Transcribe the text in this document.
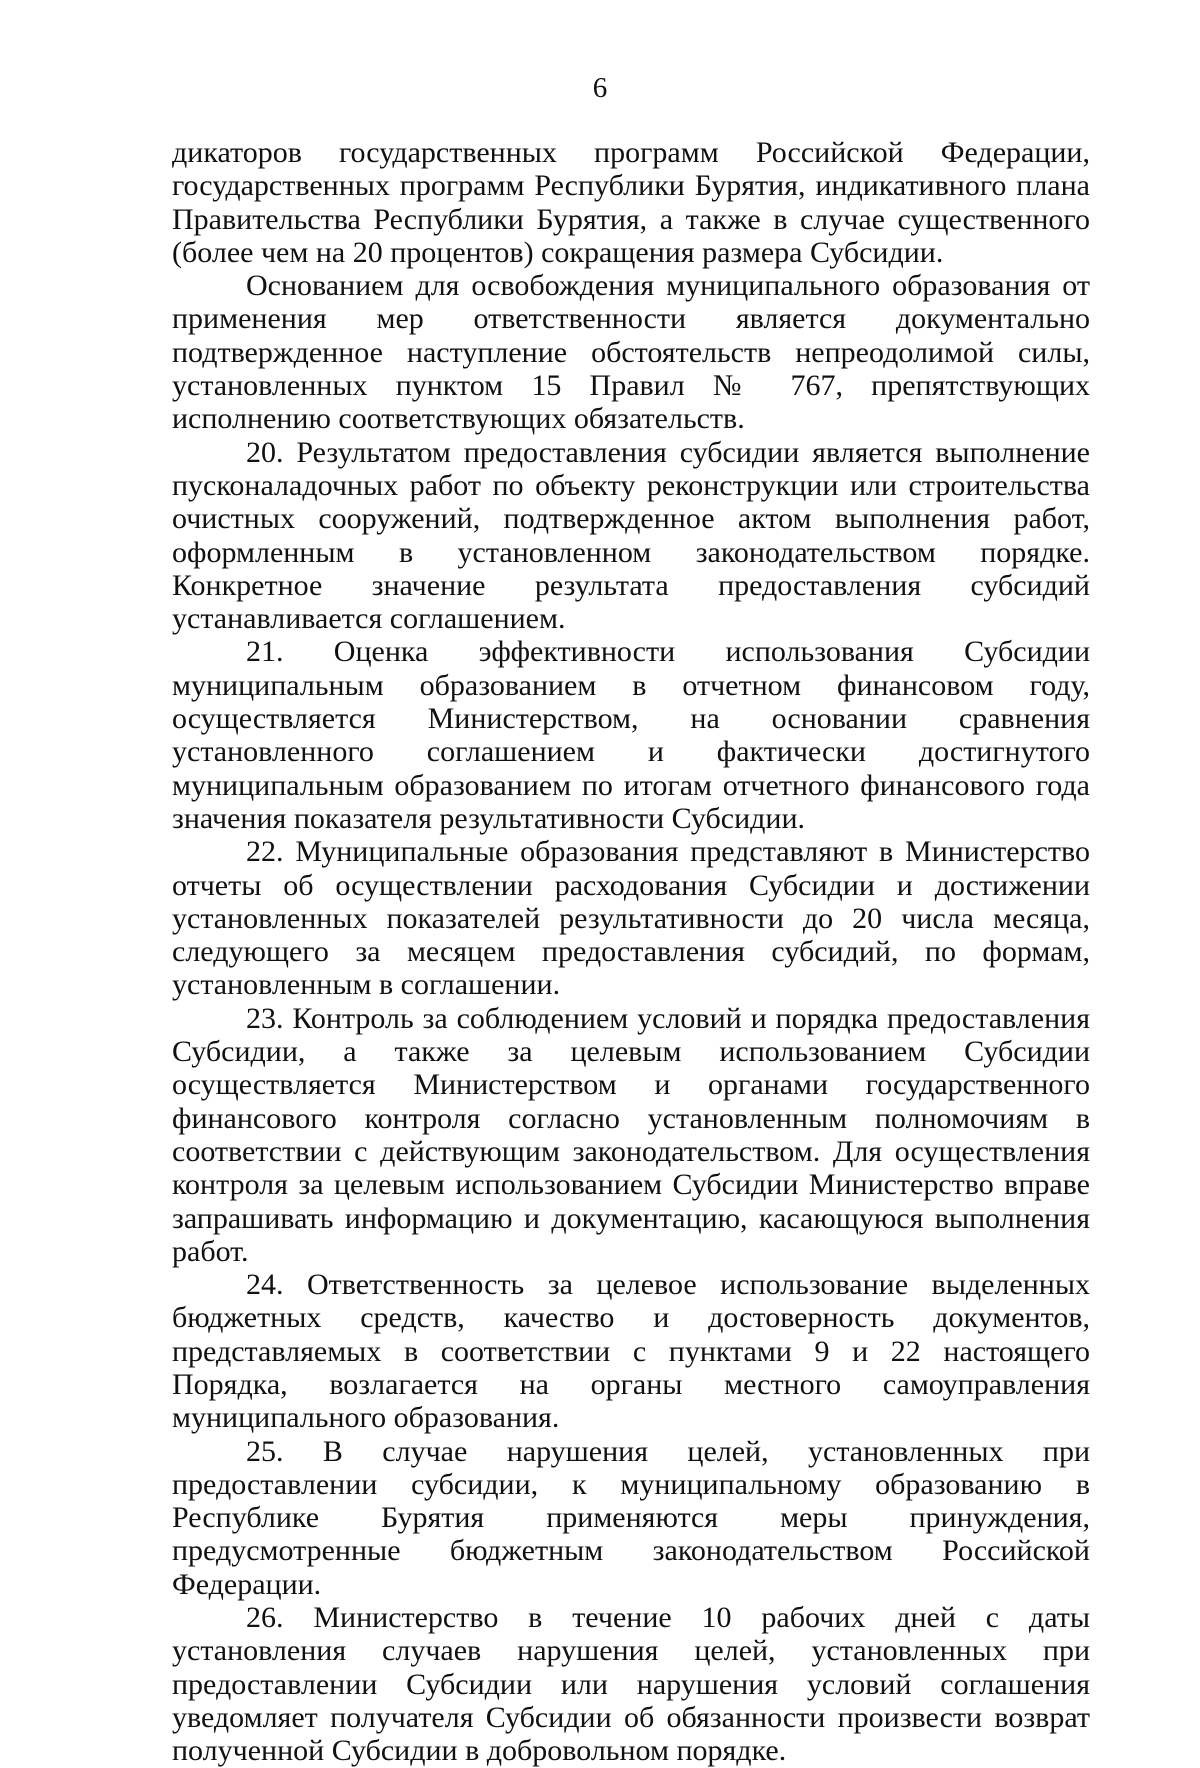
6

дикаторов государственных программ Российской Федерации, государственных программ Республики Бурятия, индикативного плана Правительства Республики Бурятия, а также в случае существенного (более чем на 20 процентов) сокращения размера Субсидии.

Основанием для освобождения муниципального образования от применения мер ответственности является документально подтвержденное наступление обстоятельств непреодолимой силы, установленных пунктом 15 Правил № 767, препятствующих исполнению соответствующих обязательств.

20. Результатом предоставления субсидии является выполнение пусконаладочных работ по объекту реконструкции или строительства очистных сооружений, подтвержденное актом выполнения работ, оформленным в установленном законодательством порядке. Конкретное значение результата предоставления субсидий устанавливается соглашением.

21. Оценка эффективности использования Субсидии муниципальным образованием в отчетном финансовом году, осуществляется Министерством, на основании сравнения установленного соглашением и фактически достигнутого муниципальным образованием по итогам отчетного финансового года значения показателя результативности Субсидии.

22. Муниципальные образования представляют в Министерство отчеты об осуществлении расходования Субсидии и достижении установленных показателей результативности до 20 числа месяца, следующего за месяцем предоставления субсидий, по формам, установленным в соглашении.

23. Контроль за соблюдением условий и порядка предоставления Субсидии, а также за целевым использованием Субсидии осуществляется Министерством и органами государственного финансового контроля согласно установленным полномочиям в соответствии с действующим законодательством. Для осуществления контроля за целевым использованием Субсидии Министерство вправе запрашивать информацию и документацию, касающуюся выполнения работ.

24. Ответственность за целевое использование выделенных бюджетных средств, качество и достоверность документов, представляемых в соответствии с пунктами 9 и 22 настоящего Порядка, возлагается на органы местного самоуправления муниципального образования.

25. В случае нарушения целей, установленных при предоставлении субсидии, к муниципальному образованию в Республике Бурятия применяются меры принуждения, предусмотренные бюджетным законодательством Российской Федерации.

26. Министерство в течение 10 рабочих дней с даты установления случаев нарушения целей, установленных при предоставлении Субсидии или нарушения условий соглашения уведомляет получателя Субсидии об обязанности произвести возврат полученной Субсидии в добровольном порядке.
